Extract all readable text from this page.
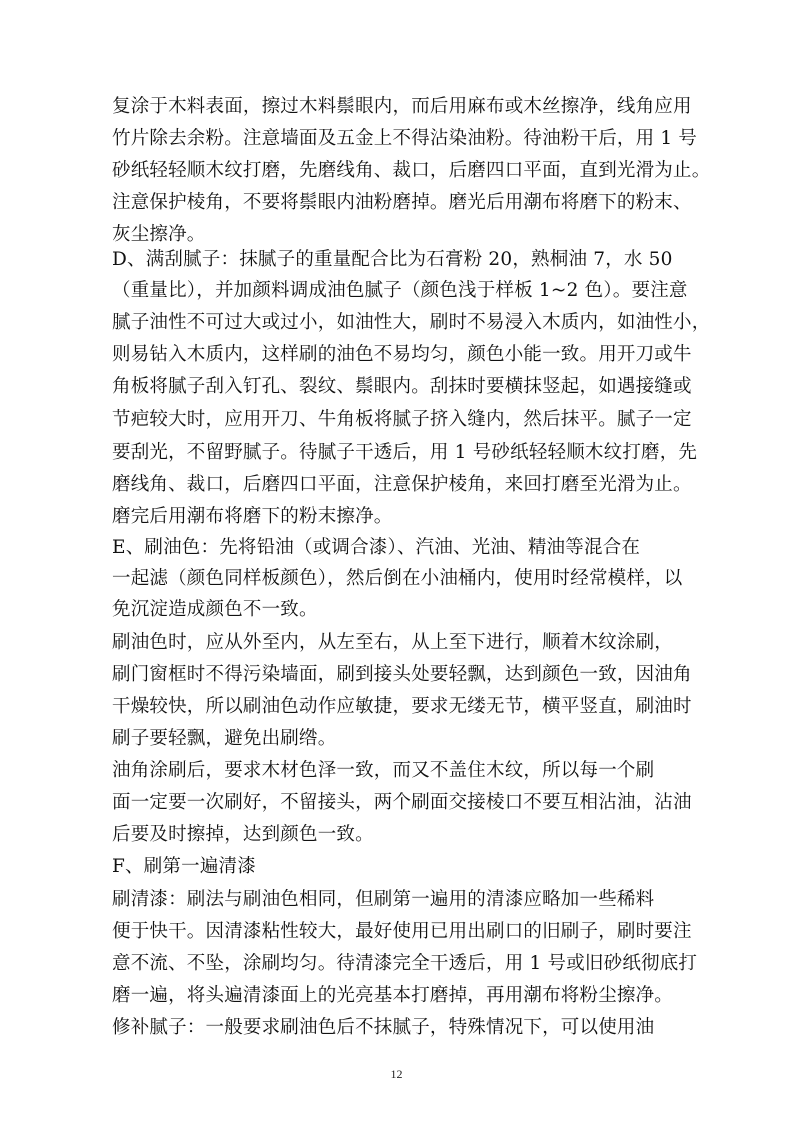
复涂于木料表面，擦过木料鬃眼内，而后用麻布或木丝擦净，线角应用
竹片除去余粉。注意墙面及五金上不得沾染油粉。待油粉干后，用 1 号
砂纸轻轻顺木纹打磨，先磨线角、裁口，后磨四口平面，直到光滑为止。
注意保护棱角，不要将鬃眼内油粉磨掉。磨光后用潮布将磨下的粉末、
灰尘擦净。
D、满刮腻子：抹腻子的重量配合比为石膏粉 20，熟桐油 7，水 50
（重量比），并加颜料调成油色腻子（颜色浅于样板 1~2 色）。要注意
腻子油性不可过大或过小，如油性大，刷时不易浸入木质内，如油性小，
则易钻入木质内，这样刷的油色不易均匀，颜色小能一致。用开刀或牛
角板将腻子刮入钉孔、裂纹、鬃眼内。刮抹时要横抹竖起，如遇接缝或
节疤较大时，应用开刀、牛角板将腻子挤入缝内，然后抹平。腻子一定
要刮光，不留野腻子。待腻子干透后，用 1 号砂纸轻轻顺木纹打磨，先
磨线角、裁口，后磨四口平面，注意保护棱角，来回打磨至光滑为止。
磨完后用潮布将磨下的粉末擦净。
E、刷油色：先将铅油（或调合漆）、汽油、光油、精油等混合在
一起滤（颜色同样板颜色），然后倒在小油桶内，使用时经常模样，以
免沉淀造成颜色不一致。
刷油色时，应从外至内，从左至右，从上至下进行，顺着木纹涂刷，
刷门窗框时不得污染墙面，刷到接头处要轻飘，达到颜色一致，因油角
干燥较快，所以刷油色动作应敏捷，要求无缕无节，横平竖直，刷油时
刷子要轻飘，避免出刷绺。
油角涂刷后，要求木材色泽一致，而又不盖住木纹，所以每一个刷
面一定要一次刷好，不留接头，两个刷面交接棱口不要互相沾油，沾油
后要及时擦掉，达到颜色一致。
F、刷第一遍清漆
刷清漆：刷法与刷油色相同，但刷第一遍用的清漆应略加一些稀料
便于快干。因清漆粘性较大，最好使用已用出刷口的旧刷子，刷时要注
意不流、不坠，涂刷均匀。待清漆完全干透后，用 1 号或旧砂纸彻底打
磨一遍，将头遍清漆面上的光亮基本打磨掉，再用潮布将粉尘擦净。
修补腻子：一般要求刷油色后不抹腻子，特殊情况下，可以使用油
12
